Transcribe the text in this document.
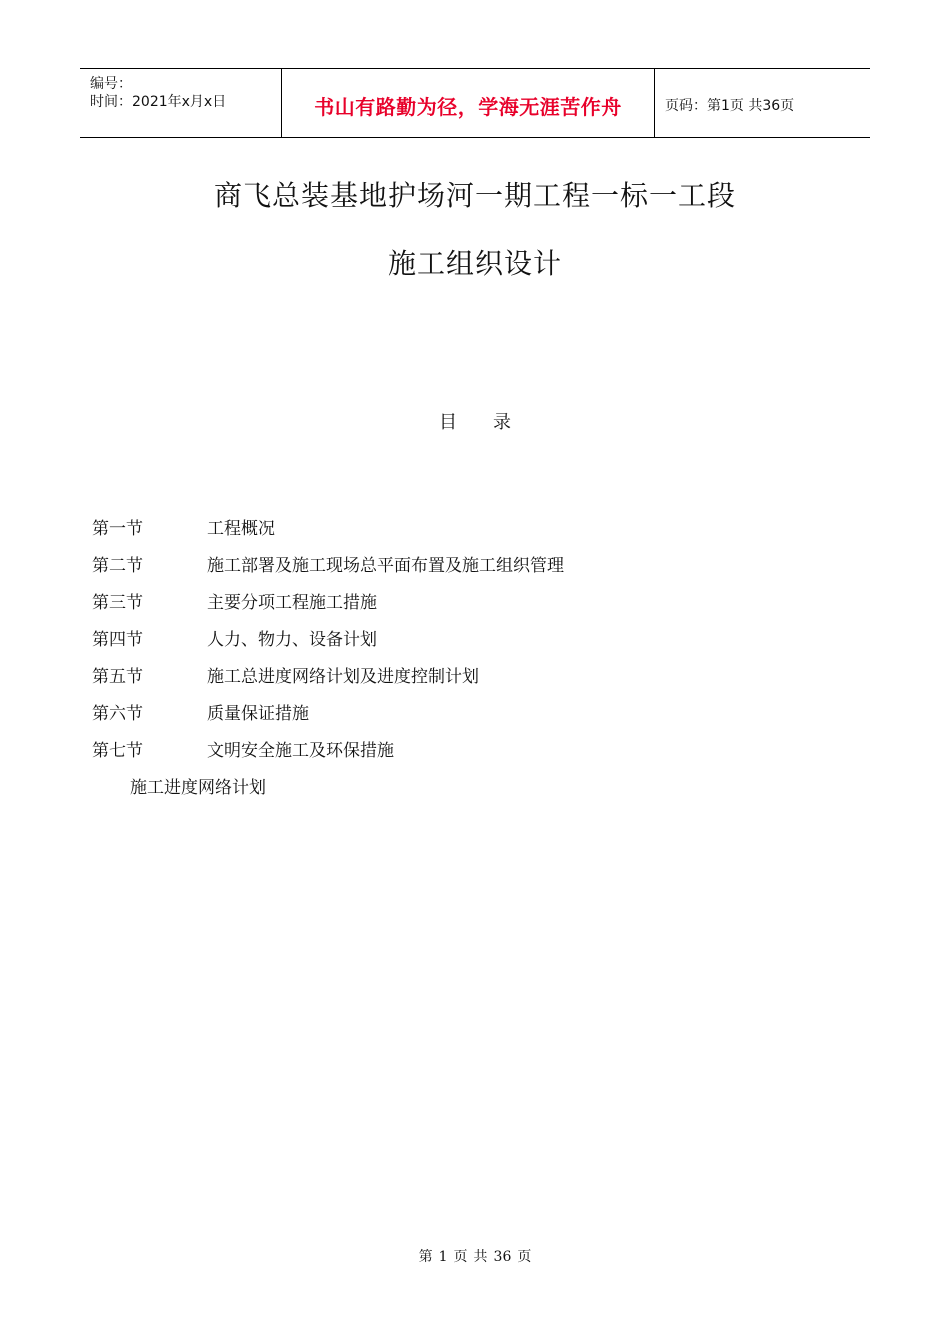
编号：
时间：2021年x月x日	书山有路勤为径，学海无涯苦作舟	页码：第1页 共36页
商飞总装基地护场河一期工程一标一工段
施工组织设计
目录
第一节	工程概况
第二节	施工部署及施工现场总平面布置及施工组织管理
第三节	主要分项工程施工措施
第四节	人力、物力、设备计划
第五节	施工总进度网络计划及进度控制计划
第六节	质量保证措施
第七节	文明安全施工及环保措施
施工进度网络计划
第 1 页 共 36 页
